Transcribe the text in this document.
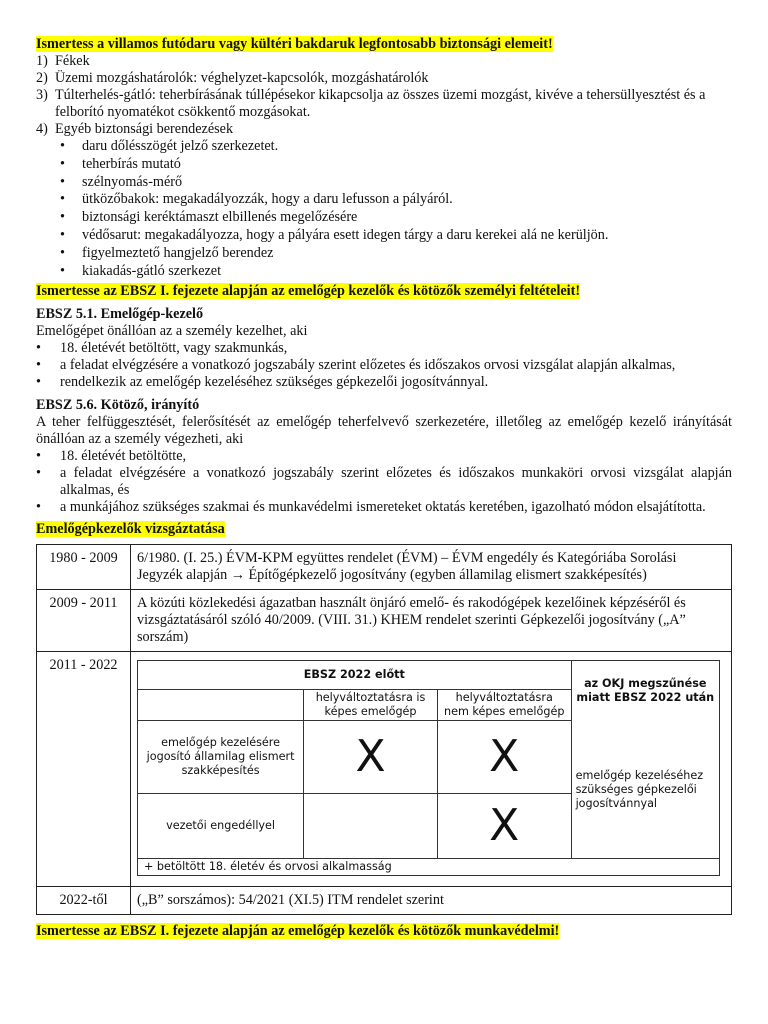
Ismertess a villamos futódaru vagy kültéri bakdaruk legfontosabb biztonsági elemeit!

1) Fékek
2) Üzemi mozgáshatárolók: véghelyzet-kapcsolók, mozgáshatárolók
3) Túlterhelés-gátló: teherbírásának túllépésekor kikapcsolja az összes üzemi mozgást, kivéve a tehersüllyesztést és a felborító nyomatékot csökkentő mozgásokat.
4) Egyéb biztonsági berendezések
•	daru dőlésszögét jelző szerkezetet.
•	teherbírás mutató
•	szélnyomás-mérő
•	ütközőbakok: megakadályozzák, hogy a daru lefusson a pályáról.
•	biztonsági keréktámaszt elbillenés megelőzésére
•	védősarut: megakadályozza, hogy a pályára esett idegen tárgy a daru kerekei alá ne kerüljön.
•	figyelmeztető hangjelző berendez
•	kiakadás-gátló szerkezet

Ismertesse az EBSZ I. fejezete alapján az emelőgép kezelők és kötözők személyi feltételeit!

EBSZ 5.1. Emelőgép-kezelő

Emelőgépet önállóan az a személy kezelhet, aki

•	18. életévét betöltött, vagy szakmunkás,
•	a feladat elvégzésére a vonatkozó jogszabály szerint előzetes és időszakos orvosi vizsgálat alapján alkalmas,
•	rendelkezik az emelőgép kezeléséhez szükséges gépkezelői jogosítvánnyal.
EBSZ 5.6. Kötöző, irányító

A teher felfüggesztését, felerősítését az emelőgép teherfelvevő szerkezetére, illetőleg az emelőgép kezelő irányítását önállóan az a személy végezheti, aki

•	18. életévét betöltötte,
•	a feladat elvégzésére a vonatkozó jogszabály szerint előzetes és időszakos munkaköri orvosi vizsgálat alapján alkalmas, és
•	a munkájához szükséges szakmai és munkavédelmi ismereteket oktatás keretében, igazolható módon elsajátította.

Emelőgépkezelők vizsgáztatása

1980 - 2009	6/1980. (I. 25.) ÉVM-KPM együttes rendelet (ÉVM) – ÉVM engedély és Kategóriába Sorolási Jegyzék alapján → Építőgépkezelő jogosítvány (egyben államilag elismert szakképesítés)
2009 - 2011	A közúti közlekedési ágazatban használt önjáró emelő- és rakodógépek kezelőinek képzéséről és vizsgáztatásáról szóló 40/2009. (VIII. 31.) KHEM rendelet szerinti Gépkezelői jogosítvány („A” sorszám)
2011 - 2022	
EBSZ 2022 előtt	az OKJ megszűnése miatt EBSZ 2022 után
	helyváltoztatásra is képes emelőgép	helyváltoztatásra nem képes emelőgép
emelőgép kezelésére jogosító államilag elismert szakképesítés	X	X	emelőgép kezeléséhez szükséges gépkezelői jogosítvánnyal
vezetői engedéllyel		X
+ betöltött 18. életév és orvosi alkalmasság

2022-től	(„B” sorszámos): 54/2021 (XI.5) ITM rendelet szerint

Ismertesse az EBSZ I. fejezete alapján az emelőgép kezelők és kötözők munkavédelmi!
